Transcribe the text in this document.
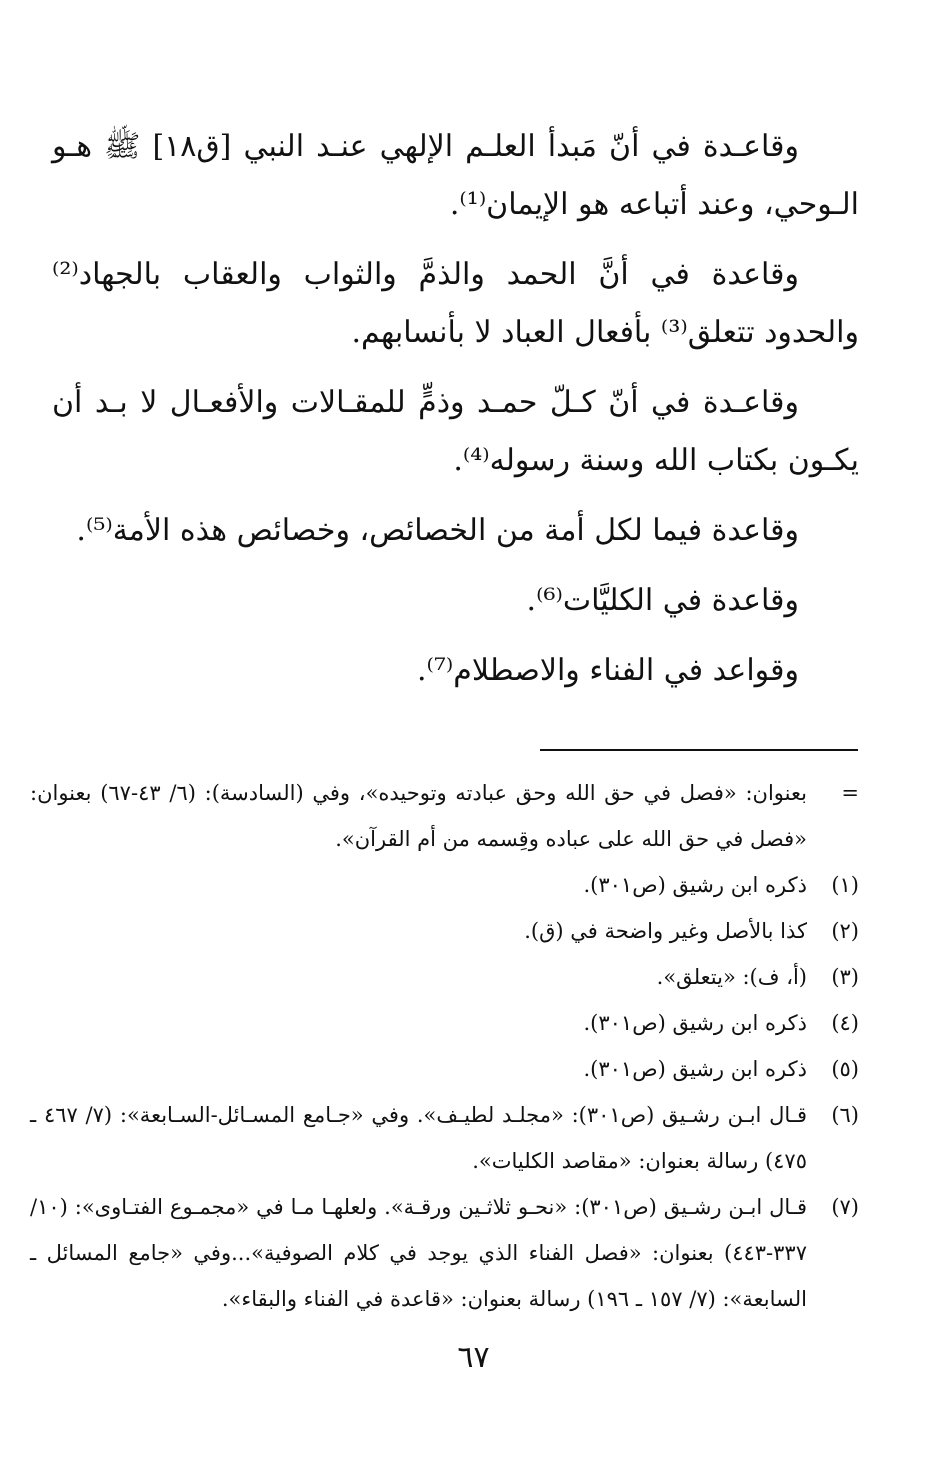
وقاعـدة في أنّ مَبدأ العلـم الإلهي عنـد النبي [ق١٨] ﷺ هـو الـوحي، وعند أتباعه هو الإيمان⁽¹⁾.

وقاعدة في أنَّ الحمد والذمَّ والثواب والعقاب بالجهاد⁽²⁾ والحدود تتعلق⁽³⁾ بأفعال العباد لا بأنسابهم.

وقاعـدة في أنّ كـلّ حمـد وذمٍّ للمقـالات والأفعـال لا بـد أن يكـون بكتاب الله وسنة رسوله⁽⁴⁾.

وقاعدة فيما لكل أمة من الخصائص، وخصائص هذه الأمة⁽⁵⁾.

وقاعدة في الكليَّات⁽⁶⁾.

وقواعد في الفناء والاصطلام⁽⁷⁾.

=
بعنوان: «فصل في حق الله وحق عبادته وتوحيده»، وفي (السادسة): (٦/ ٤٣-٦٧) بعنوان: «فصل في حق الله على عباده وقِسمه من أم القرآن».
(١)
ذكره ابن رشيق (ص٣٠١).
(٢)
كذا بالأصل وغير واضحة في (ق).
(٣)
(أ، ف): «يتعلق».
(٤)
ذكره ابن رشيق (ص٣٠١).
(٥)
ذكره ابن رشيق (ص٣٠١).
(٦)
قـال ابـن رشـيق (ص٣٠١): «مجلـد لطيـف». وفي «جـامع المسـائل-السـابعة»: (٧/ ٤٦٧ ـ ٤٧٥) رسالة بعنوان: «مقاصد الكليات».
(٧)
قـال ابـن رشـيق (ص٣٠١): «نحـو ثلاثـين ورقـة». ولعلهـا مـا في «مجمـوع الفتـاوى»: (١٠/ ٣٣٧-٤٤٣) بعنوان: «فصل الفناء الذي يوجد في كلام الصوفية»...وفي «جامع المسائل ـ السابعة»: (٧/ ١٥٧ ـ ١٩٦) رسالة بعنوان: «قاعدة في الفناء والبقاء».
٦٧
